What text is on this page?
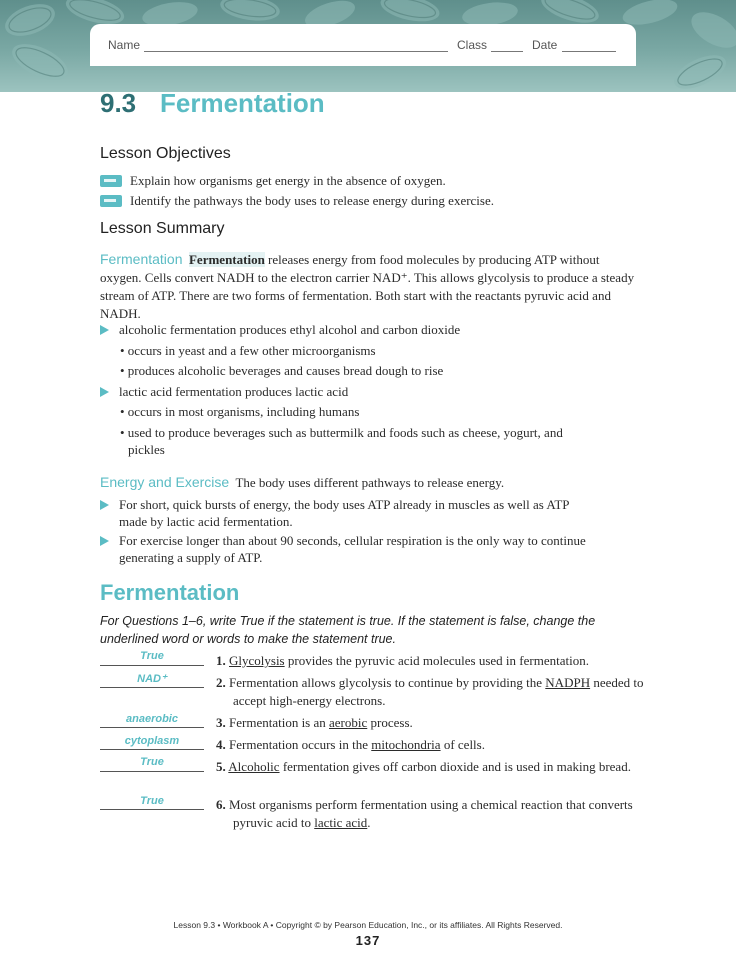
Name	Class	Date
9.3 Fermentation
Lesson Objectives
Explain how organisms get energy in the absence of oxygen.
Identify the pathways the body uses to release energy during exercise.
Lesson Summary
Fermentation Fermentation releases energy from food molecules by producing ATP without oxygen. Cells convert NADH to the electron carrier NAD⁺. This allows glycolysis to produce a steady stream of ATP. There are two forms of fermentation. Both start with the reactants pyruvic acid and NADH.
alcoholic fermentation produces ethyl alcohol and carbon dioxide
• occurs in yeast and a few other microorganisms
• produces alcoholic beverages and causes bread dough to rise
lactic acid fermentation produces lactic acid
• occurs in most organisms, including humans
• used to produce beverages such as buttermilk and foods such as cheese, yogurt, and
pickles
Energy and Exercise The body uses different pathways to release energy.
For short, quick bursts of energy, the body uses ATP already in muscles as well as ATP
made by lactic acid fermentation.
For exercise longer than about 90 seconds, cellular respiration is the only way to continue
generating a supply of ATP.
Fermentation
For Questions 1–6, write True if the statement is true. If the statement is false, change the
underlined word or words to make the statement true.
True	1. Glycolysis provides the pyruvic acid molecules used in fermentation.
NAD⁺	2. Fermentation allows glycolysis to continue by providing the NADPH needed to accept high-energy electrons.
anaerobic	3. Fermentation is an aerobic process.
cytoplasm	4. Fermentation occurs in the mitochondria of cells.
True	5. Alcoholic fermentation gives off carbon dioxide and is used in making bread.
True	6. Most organisms perform fermentation using a chemical reaction that converts pyruvic acid to lactic acid.
Lesson 9.3 • Workbook A • Copyright © by Pearson Education, Inc., or its affiliates. All Rights Reserved.
137
